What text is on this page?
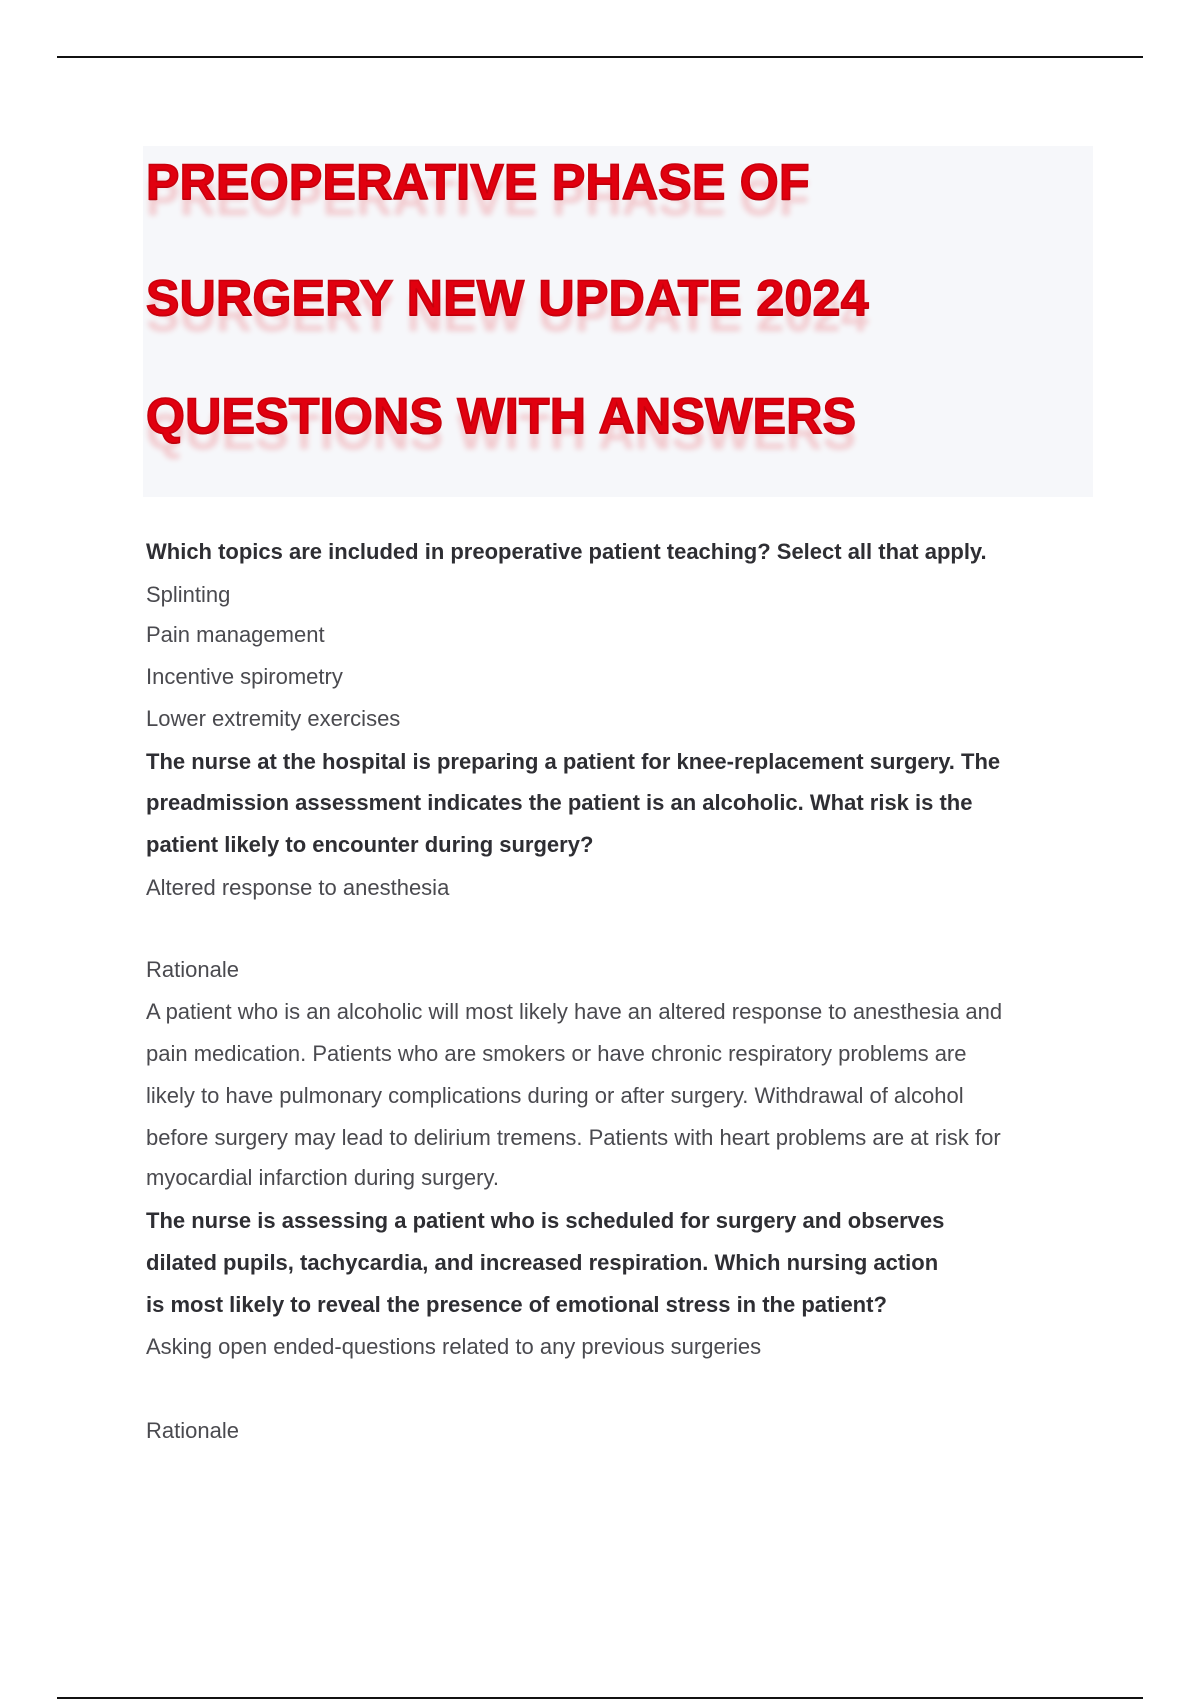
PREOPERATIVE PHASE OF
SURGERY NEW UPDATE 2024
QUESTIONS WITH ANSWERS
Which topics are included in preoperative patient teaching? Select all that apply.
Splinting
Pain management
Incentive spirometry
Lower extremity exercises
The nurse at the hospital is preparing a patient for knee-replacement surgery. The
preadmission assessment indicates the patient is an alcoholic. What risk is the
patient likely to encounter during surgery?
Altered response to anesthesia
Rationale
A patient who is an alcoholic will most likely have an altered response to anesthesia and
pain medication. Patients who are smokers or have chronic respiratory problems are
likely to have pulmonary complications during or after surgery. Withdrawal of alcohol
before surgery may lead to delirium tremens. Patients with heart problems are at risk for
myocardial infarction during surgery.
The nurse is assessing a patient who is scheduled for surgery and observes
dilated pupils, tachycardia, and increased respiration. Which nursing action
is most likely to reveal the presence of emotional stress in the patient?
Asking open ended-questions related to any previous surgeries
Rationale
